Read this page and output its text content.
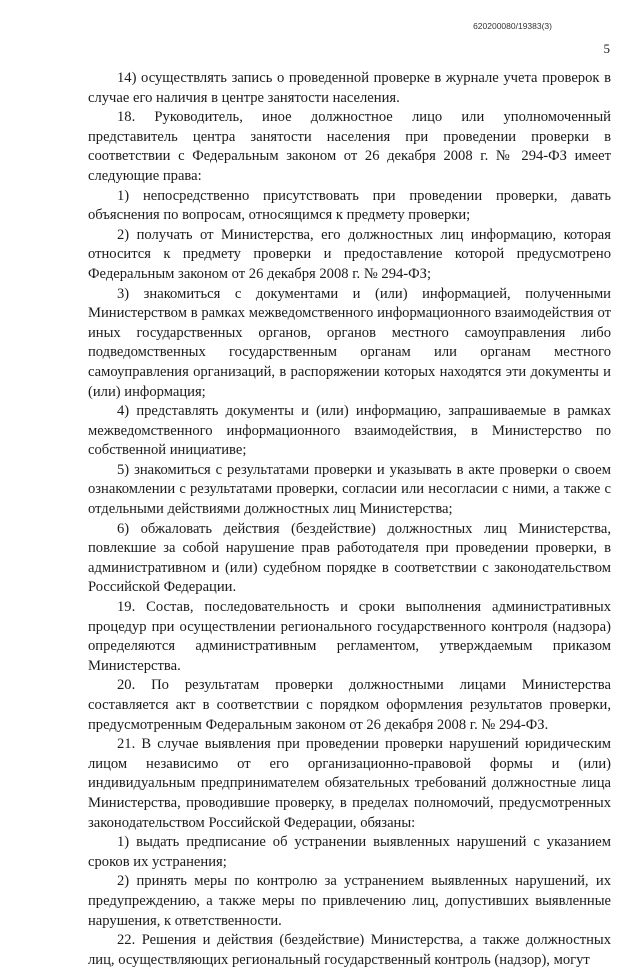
620200080/19383(3)
5

14) осуществлять запись о проведенной проверке в журнале учета проверок в случае его наличия в центре занятости населения.

18. Руководитель, иное должностное лицо или уполномоченный представитель центра занятости населения при проведении проверки в соответствии с Федеральным законом от 26 декабря 2008 г. № 294-ФЗ имеет следующие права:

1) непосредственно присутствовать при проведении проверки, давать объяснения по вопросам, относящимся к предмету проверки;

2) получать от Министерства, его должностных лиц информацию, которая относится к предмету проверки и предоставление которой предусмотрено Федеральным законом от 26 декабря 2008 г. № 294-ФЗ;

3) знакомиться с документами и (или) информацией, полученными Министерством в рамках межведомственного информационного взаимодействия от иных государственных органов, органов местного самоуправления либо подведомственных государственным органам или органам местного самоуправления организаций, в распоряжении которых находятся эти документы и (или) информация;

4) представлять документы и (или) информацию, запрашиваемые в рамках межведомственного информационного взаимодействия, в Министерство по собственной инициативе;

5) знакомиться с результатами проверки и указывать в акте проверки о своем ознакомлении с результатами проверки, согласии или несогласии с ними, а также с отдельными действиями должностных лиц Министерства;

6) обжаловать действия (бездействие) должностных лиц Министерства, повлекшие за собой нарушение прав работодателя при проведении проверки, в административном и (или) судебном порядке в соответствии с законодательством Российской Федерации.

19. Состав, последовательность и сроки выполнения административных процедур при осуществлении регионального государственного контроля (надзора) определяются административным регламентом, утверждаемым приказом Министерства.

20. По результатам проверки должностными лицами Министерства составляется акт в соответствии с порядком оформления результатов проверки, предусмотренным Федеральным законом от 26 декабря 2008 г. № 294-ФЗ.

21. В случае выявления при проведении проверки нарушений юридическим лицом независимо от его организационно-правовой формы и (или) индивидуальным предпринимателем обязательных требований должностные лица Министерства, проводившие проверку, в пределах полномочий, предусмотренных законодательством Российской Федерации, обязаны:

1) выдать предписание об устранении выявленных нарушений с указанием сроков их устранения;

2) принять меры по контролю за устранением выявленных нарушений, их предупреждению, а также меры по привлечению лиц, допустивших выявленные нарушения, к ответственности.

22. Решения и действия (бездействие) Министерства, а также должностных лиц, осуществляющих региональный государственный контроль (надзор), могут
